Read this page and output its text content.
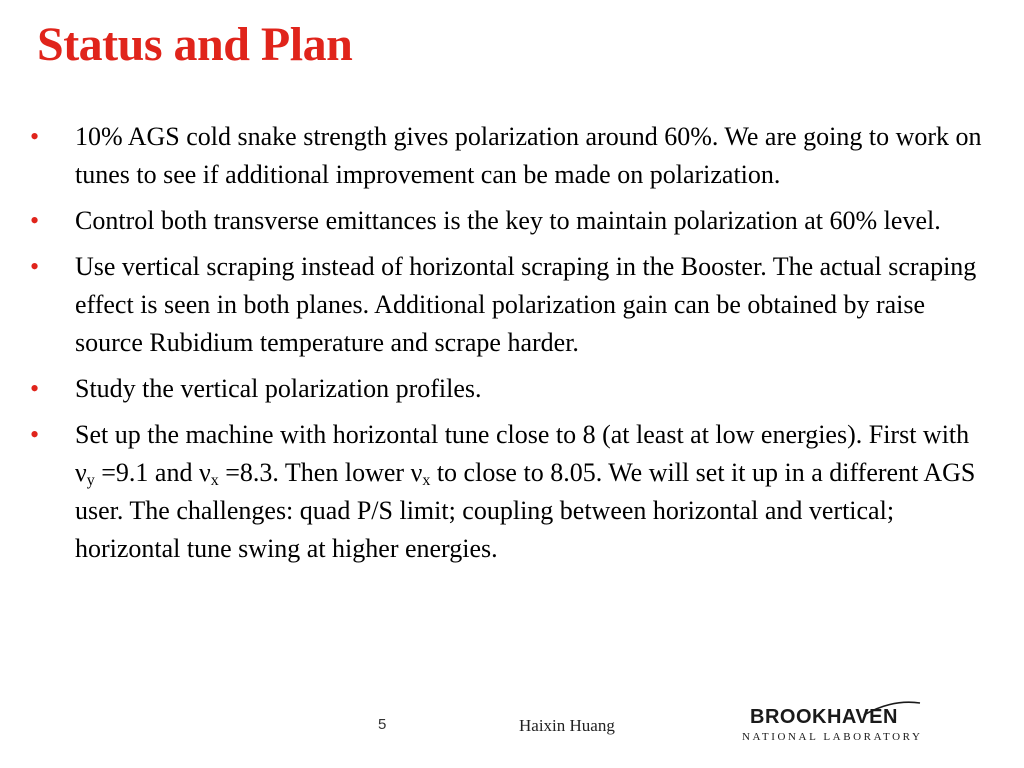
Status and Plan
• 10% AGS cold snake strength gives polarization around 60%. We are going to work on tunes to see if additional improvement can be made on polarization.
• Control both transverse emittances is the key to maintain polarization at 60% level.
• Use vertical scraping instead of horizontal scraping in the Booster. The actual scraping effect is seen in both planes. Additional polarization gain can be obtained by raise source Rubidium temperature and scrape harder.
• Study the vertical polarization profiles.
• Set up the machine with horizontal tune close to 8 (at least at low energies). First with $\nu_y =9.1$ and $\nu_x =8.3$. Then lower $\nu_x$ to close to 8.05. We will set it up in a different AGS user. The challenges: quad P/S limit; coupling between horizontal and vertical; horizontal tune swing at higher energies.
5	Haixin Huang	BROOKHAVEN
NATIONAL LABORATORY
